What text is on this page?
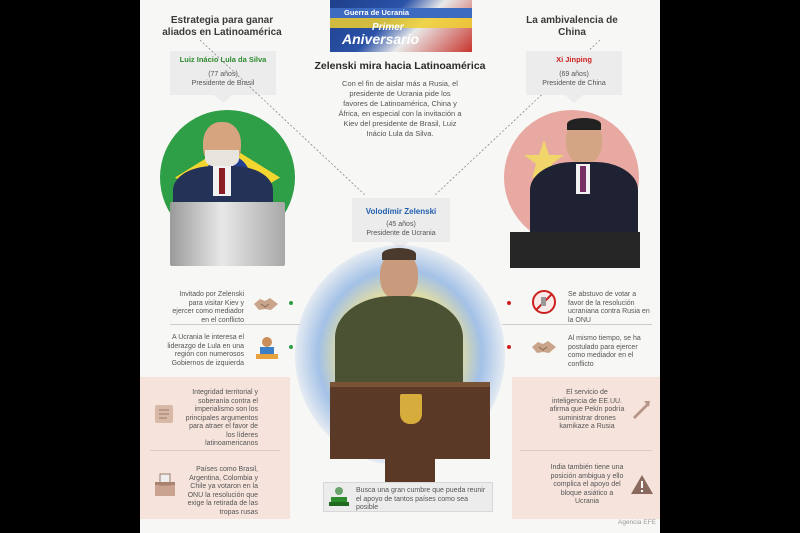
Guerra de Ucrania
Primer
Aniversario
Estrategia para ganar aliados en Latinoamérica
Luiz Inácio Lula da Silva
(77 años)
Presidente de Brasil
Invitado por Zelenski para visitar Kiev y ejercer como mediador en el conflicto
A Ucrania le interesa el liderazgo de Lula en una región con numerosos Gobiernos de izquierda
Integridad territorial y soberanía contra el imperialismo son los principales argumentos para atraer el favor de los líderes latinoamericanos
Países como Brasil, Argentina, Colombia y Chile ya votaron en la ONU la resolución que exige la retirada de las tropas rusas
Zelenski mira hacia Latinoamérica
Con el fin de aislar más a Rusia, el presidente de Ucrania pide los favores de Latinoamérica, China y África, en especial con la invitación a Kiev del presidente de Brasil, Luiz Inácio Lula da Silva.
Volodímir Zelenski
(45 años)
Presidente de Ucrania
Busca una gran cumbre que pueda reunir el apoyo de tantos países como sea posible
La ambivalencia de China
Xi Jinping
(69 años)
Presidente de China
Se abstuvo de votar a favor de la resolución ucraniana contra Rusia en la ONU
Al mismo tiempo, se ha postulado para ejercer como mediador en el conflicto
El servicio de inteligencia de EE.UU. afirma que Pekín podría suministrar drones kamikaze a Rusia
India también tiene una posición ambigua y ello complica el apoyo del bloque asiático a Ucrania
Agencia EFE
